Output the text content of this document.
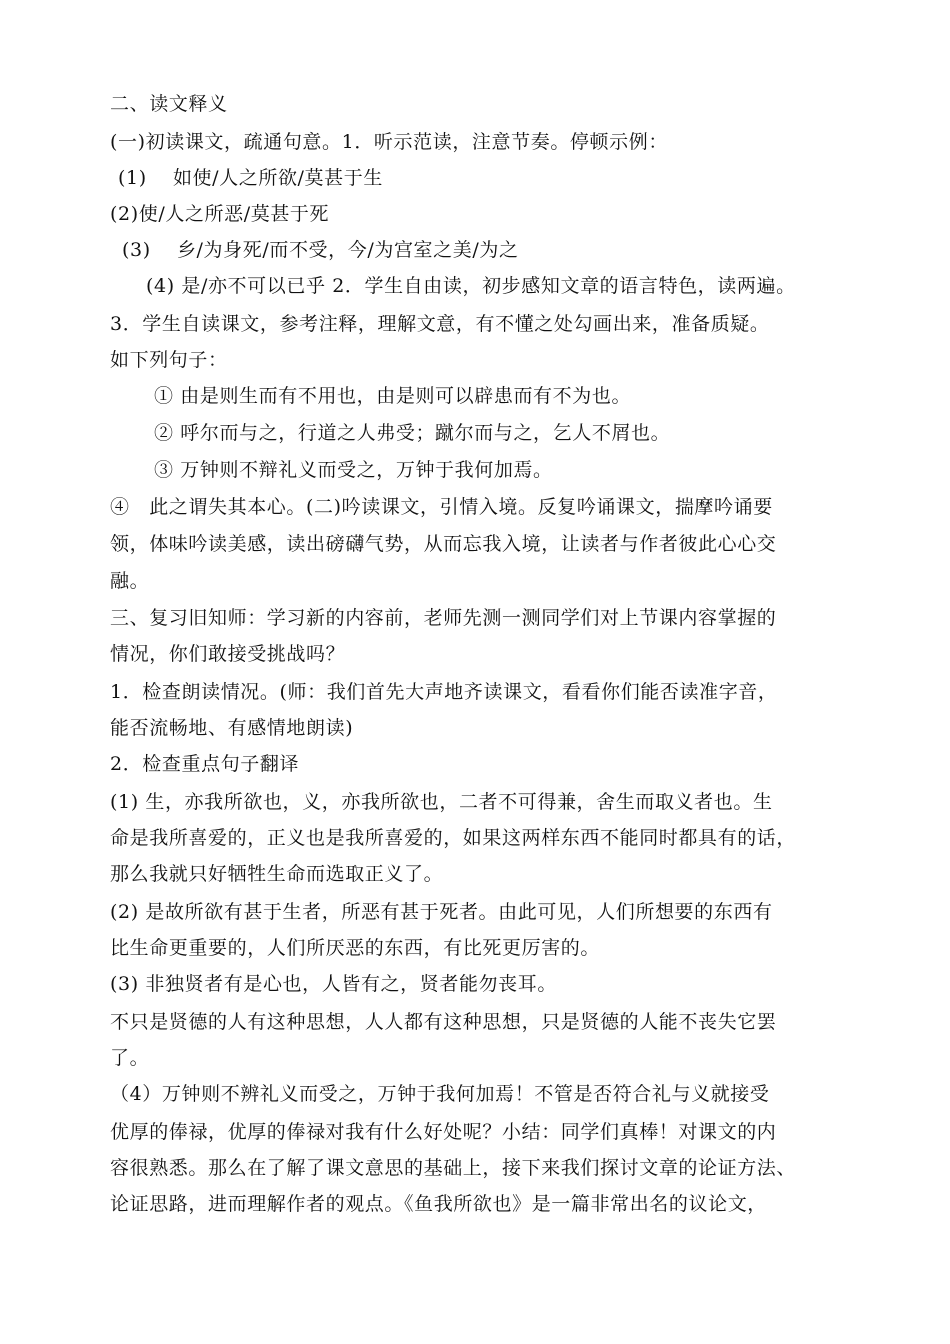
二、读文释义
(一)初读课文，疏通句意。1．听示范读，注意节奏。停顿示例：
(1)　 如使/人之所欲/莫甚于生
(2)使/人之所恶/莫甚于死
(3)　 乡/为身死/而不受，今/为宫室之美/为之
(4) 是/亦不可以已乎 2．学生自由读，初步感知文章的语言特色，读两遍。
3．学生自读课文，参考注释，理解文意，有不懂之处勾画出来，准备质疑。
如下列句子：
① 由是则生而有不用也，由是则可以辟患而有不为也。
② 呼尔而与之，行道之人弗受；蹴尔而与之，乞人不屑也。
③ 万钟则不辩礼义而受之，万钟于我何加焉。
④　此之谓失其本心。(二)吟读课文，引情入境。反复吟诵课文，揣摩吟诵要
领，体味吟读美感，读出磅礴气势，从而忘我入境，让读者与作者彼此心心交
融。
三、复习旧知师：学习新的内容前，老师先测一测同学们对上节课内容掌握的
情况，你们敢接受挑战吗？
1．检查朗读情况。(师：我们首先大声地齐读课文，看看你们能否读准字音，
能否流畅地、有感情地朗读)
2．检查重点句子翻译
(1) 生，亦我所欲也，义，亦我所欲也，二者不可得兼，舍生而取义者也。生
命是我所喜爱的，正义也是我所喜爱的，如果这两样东西不能同时都具有的话，
那么我就只好牺牲生命而选取正义了。
(2) 是故所欲有甚于生者，所恶有甚于死者。由此可见，人们所想要的东西有
比生命更重要的，人们所厌恶的东西，有比死更厉害的。
(3) 非独贤者有是心也，人皆有之，贤者能勿丧耳。
不只是贤德的人有这种思想，人人都有这种思想，只是贤德的人能不丧失它罢
了。
（4）万钟则不辨礼义而受之，万钟于我何加焉！不管是否符合礼与义就接受
优厚的俸禄，优厚的俸禄对我有什么好处呢？小结：同学们真棒！对课文的内
容很熟悉。那么在了解了课文意思的基础上，接下来我们探讨文章的论证方法、
论证思路，进而理解作者的观点。《鱼我所欲也》是一篇非常出名的议论文，
